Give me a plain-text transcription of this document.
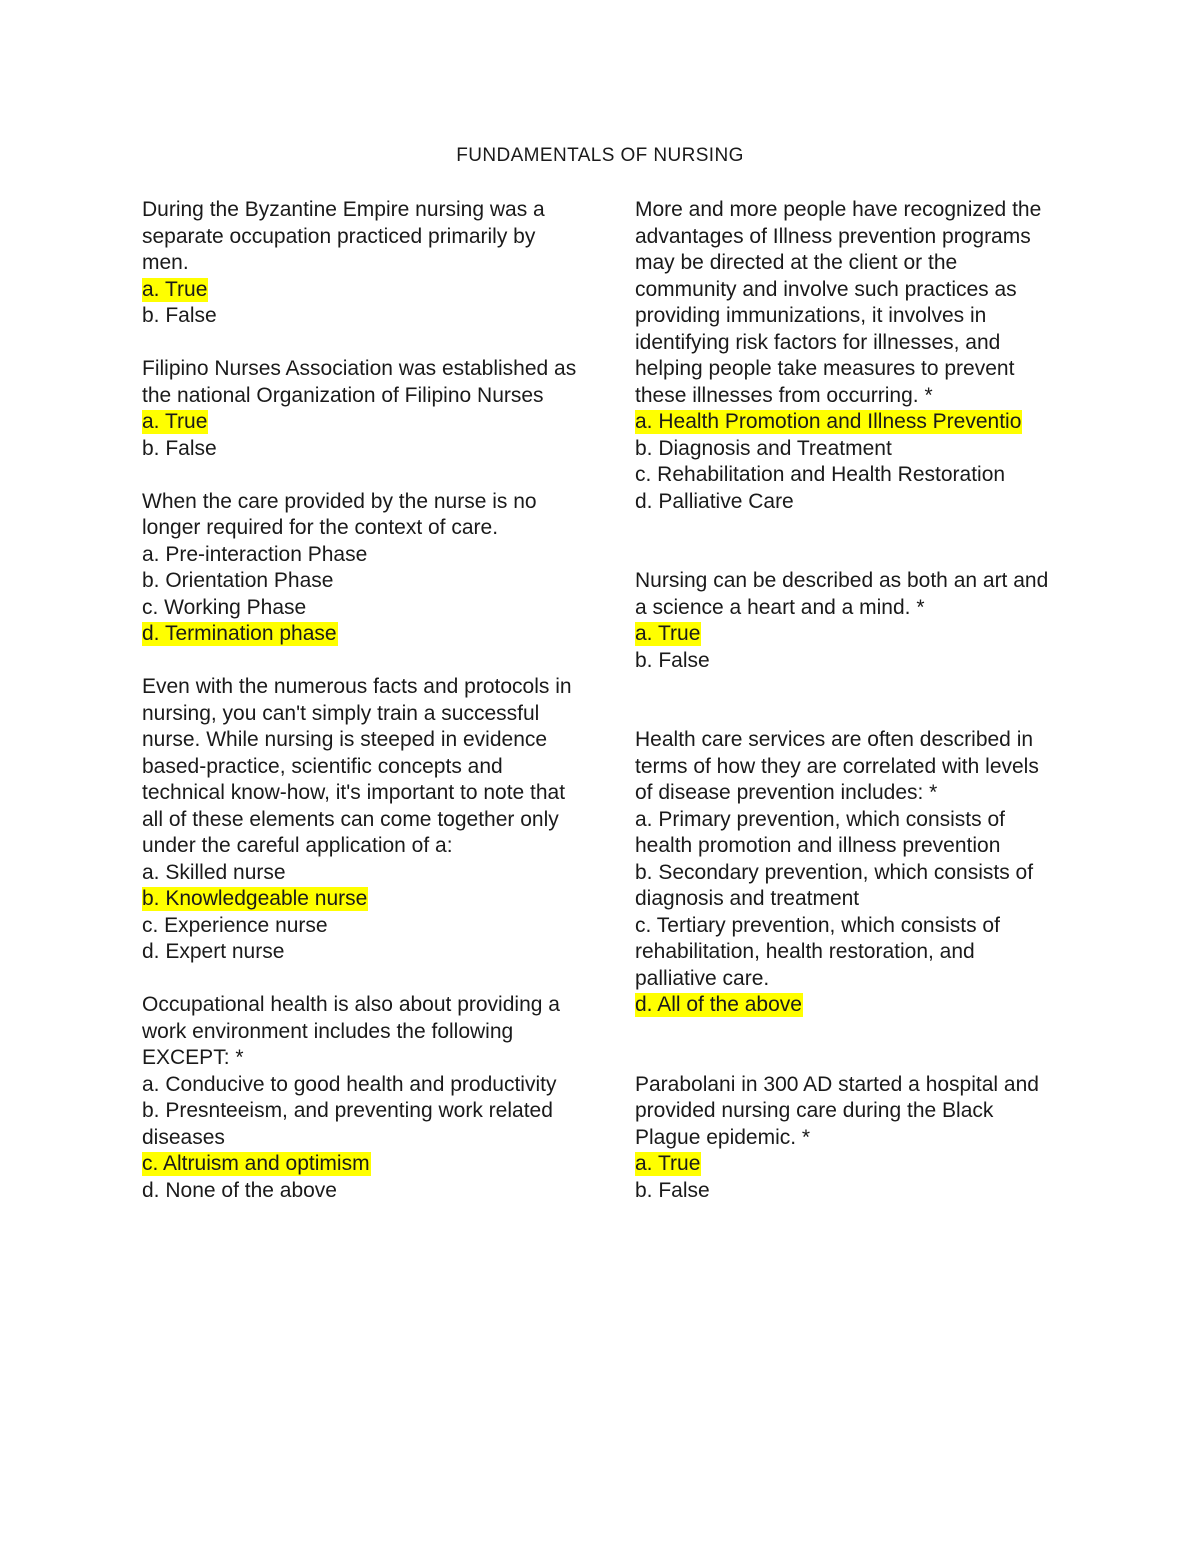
FUNDAMENTALS OF NURSING
During the Byzantine Empire nursing was a separate occupation practiced primarily by men.
a. True
b. False
Filipino Nurses Association was established as the national Organization of Filipino Nurses
a. True
b. False
When the care provided by the nurse is no longer required for the context of care.
a. Pre-interaction Phase
b. Orientation Phase
c. Working Phase
d. Termination phase
Even with the numerous facts and protocols in nursing, you can't simply train a successful nurse. While nursing is steeped in evidence based-practice, scientific concepts and technical know-how, it's important to note that all of these elements can come together only under the careful application of a:
a. Skilled nurse
b. Knowledgeable nurse
c. Experience nurse
d. Expert nurse
Occupational health is also about providing a work environment includes the following EXCEPT: *
a. Conducive to good health and productivity
b. Presnteeism, and preventing work related diseases
c. Altruism and optimism
d. None of the above
More and more people have recognized the advantages of Illness prevention programs may be directed at the client or the community and involve such practices as providing immunizations, it involves in identifying risk factors for illnesses, and helping people take measures to prevent these illnesses from occurring. *
a. Health Promotion and Illness Preventio
b. Diagnosis and Treatment
c. Rehabilitation and Health Restoration
d. Palliative Care
Nursing can be described as both an art and a science a heart and a mind. *
a. True
b. False
Health care services are often described in terms of how they are correlated with levels of disease prevention includes: *
a. Primary prevention, which consists of health promotion and illness prevention
b. Secondary prevention, which consists of diagnosis and treatment
c. Tertiary prevention, which consists of rehabilitation, health restoration, and palliative care.
d. All of the above
Parabolani in 300 AD started a hospital and provided nursing care during the Black Plague epidemic. *
a. True
b. False
